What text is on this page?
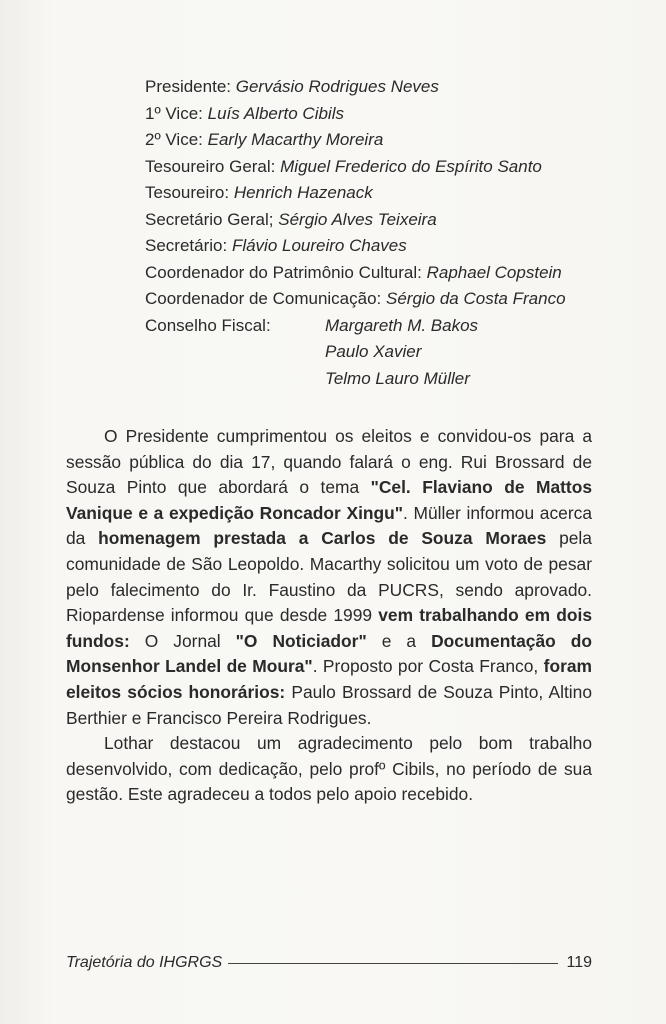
Presidente: Gervásio Rodrigues Neves
1º Vice: Luís Alberto Cibils
2º Vice: Early Macarthy Moreira
Tesoureiro Geral: Miguel Frederico do Espírito Santo
Tesoureiro: Henrich Hazenack
Secretário Geral; Sérgio Alves Teixeira
Secretário: Flávio Loureiro Chaves
Coordenador do Patrimônio Cultural: Raphael Copstein
Coordenador de Comunicação: Sérgio da Costa Franco
Conselho Fiscal:	Margareth M. Bakos
Paulo Xavier
Telmo Lauro Müller

O Presidente cumprimentou os eleitos e convidou-os para a sessão pública do dia 17, quando falará o eng. Rui Brossard de Souza Pinto que abordará o tema "Cel. Flaviano de Mattos Vanique e a expedição Roncador Xingu". Müller informou acerca da homenagem prestada a Carlos de Souza Moraes pela comunidade de São Leopoldo. Macarthy solicitou um voto de pesar pelo falecimento do Ir. Faustino da PUCRS, sendo aprovado. Riopardense informou que desde 1999 vem trabalhando em dois fundos: O Jornal "O Noticiador" e a Documentação do Monsenhor Landel de Moura". Proposto por Costa Franco, foram eleitos sócios honorários: Paulo Brossard de Souza Pinto, Altino Berthier e Francisco Pereira Rodrigues.

Lothar destacou um agradecimento pelo bom trabalho desenvolvido, com dedicação, pelo profº Cibils, no período de sua gestão. Este agradeceu a todos pelo apoio recebido.

Trajetória do IHGRGS	119
